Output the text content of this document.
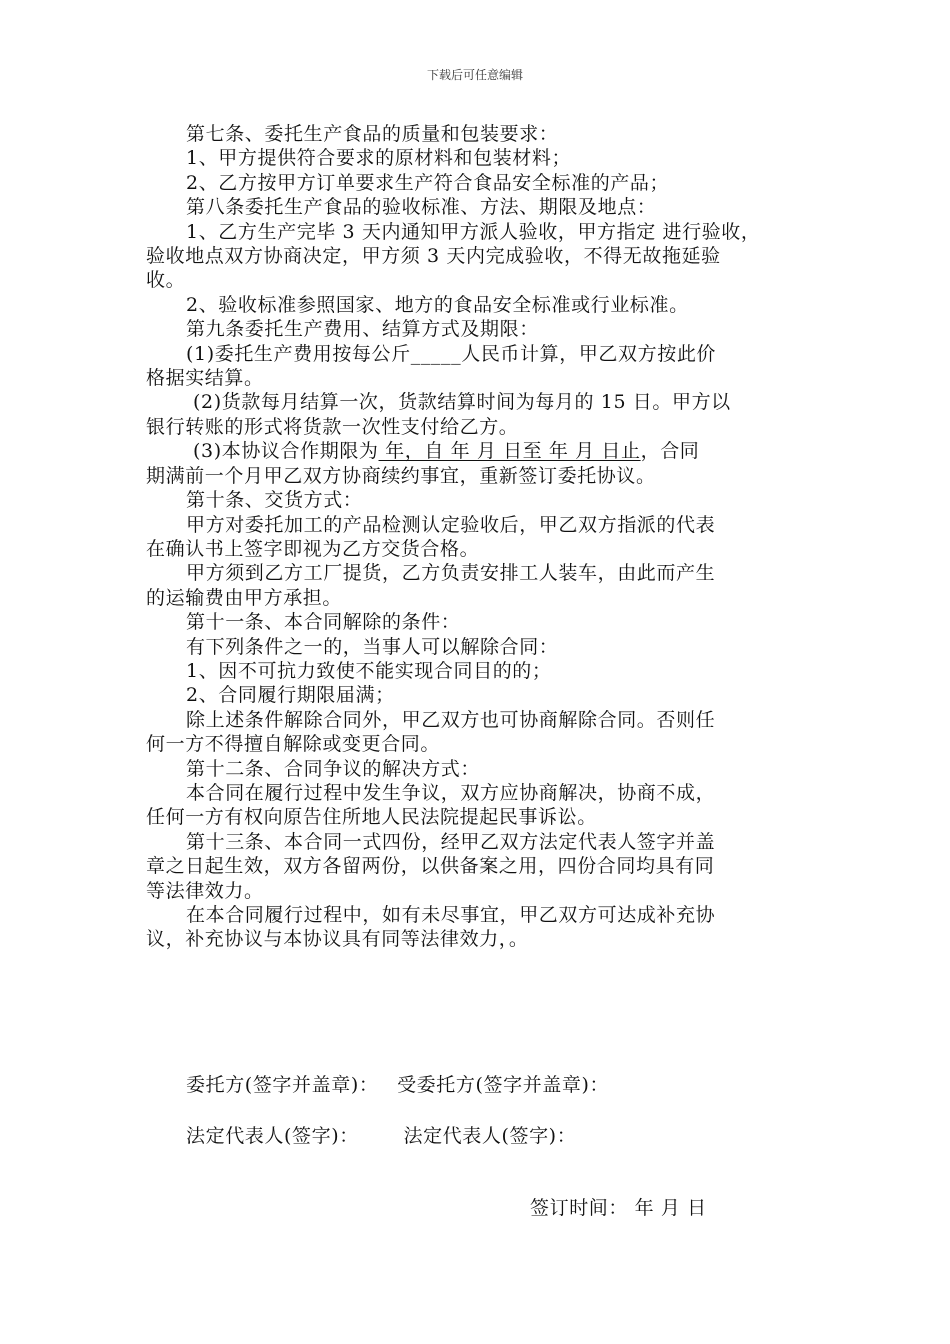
下载后可任意编辑

第七条、委托生产食品的质量和包装要求：

1、甲方提供符合要求的原材料和包装材料；

2、乙方按甲方订单要求生产符合食品安全标准的产品；

第八条委托生产食品的验收标准、方法、期限及地点：

1、乙方生产完毕 3 天内通知甲方派人验收，甲方指定 进行验收，

验收地点双方协商决定，甲方须 3 天内完成验收，不得无故拖延验

收。

2、验收标准参照国家、地方的食品安全标准或行业标准。

第九条委托生产费用、结算方式及期限：

(1)委托生产费用按每公斤_____人民币计算，甲乙双方按此价

格据实结算。

(2)货款每月结算一次，货款结算时间为每月的 15 日。甲方以

银行转账的形式将货款一次性支付给乙方。

(3)本协议合作期限为 年，自 年 月 日至 年 月 日止，合同

期满前一个月甲乙双方协商续约事宜，重新签订委托协议。

第十条、交货方式：

甲方对委托加工的产品检测认定验收后，甲乙双方指派的代表

在确认书上签字即视为乙方交货合格。

甲方须到乙方工厂提货，乙方负责安排工人装车，由此而产生

的运输费由甲方承担。

第十一条、本合同解除的条件：

有下列条件之一的，当事人可以解除合同：

1、因不可抗力致使不能实现合同目的的；

2、合同履行期限届满；

除上述条件解除合同外，甲乙双方也可协商解除合同。否则任

何一方不得擅自解除或变更合同。

第十二条、合同争议的解决方式：

本合同在履行过程中发生争议，双方应协商解决，协商不成，

任何一方有权向原告住所地人民法院提起民事诉讼。

第十三条、本合同一式四份，经甲乙双方法定代表人签字并盖

章之日起生效，双方各留两份，以供备案之用，四份合同均具有同

等法律效力。

在本合同履行过程中，如有未尽事宜，甲乙双方可达成补充协

议，补充协议与本协议具有同等法律效力，。

委托方(签字并盖章)： 受委托方(签字并盖章)：
法定代表人(签字)： 法定代表人(签字)：
签订时间： 年 月 日
